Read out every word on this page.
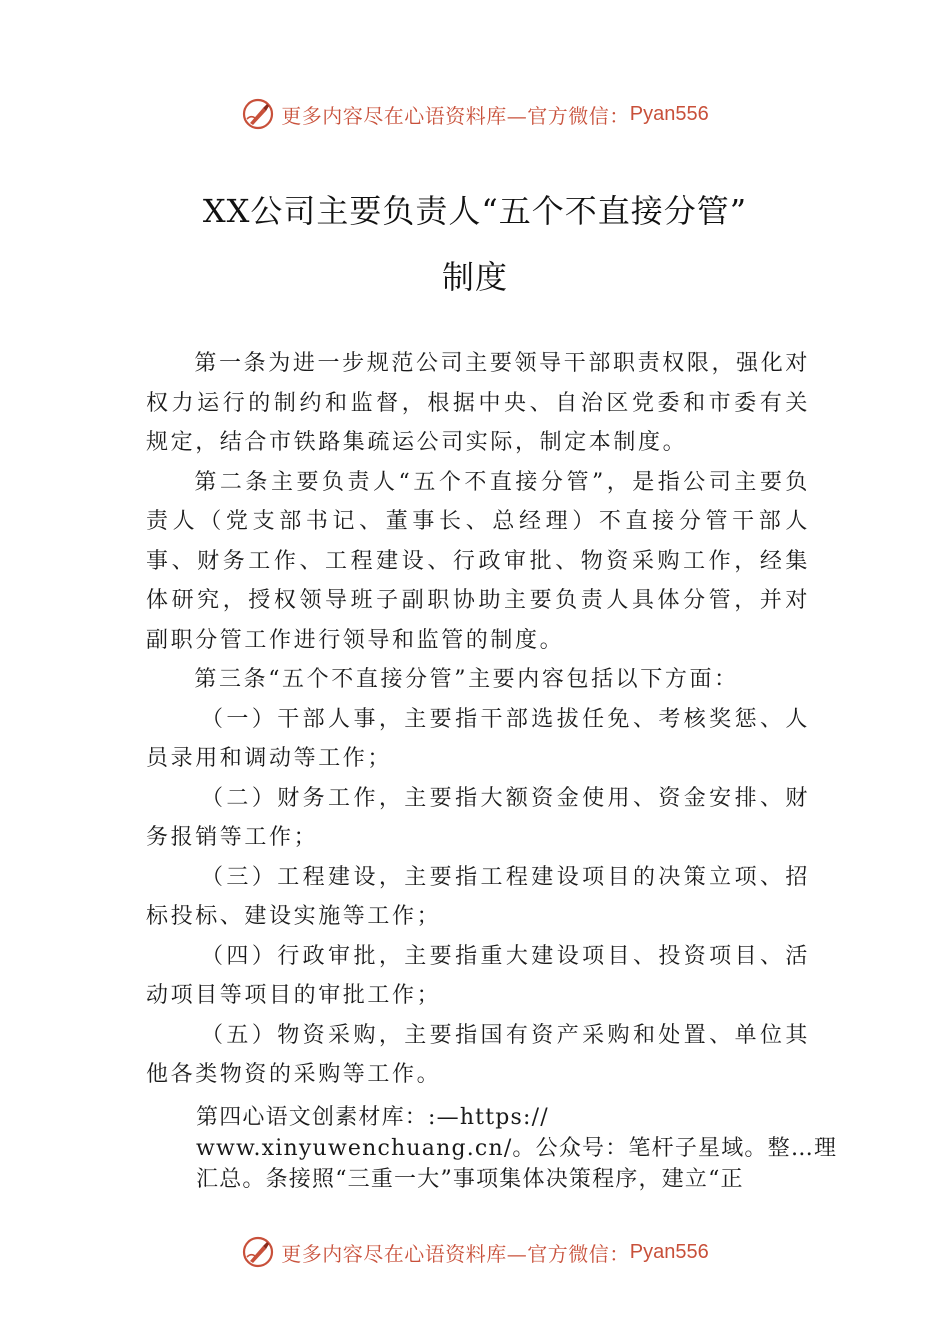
更多内容尽在心语资料库—官方微信： Pyan556
XX公司主要负责人“五个不直接分管”
制度

第一条为进一步规范公司主要领导干部职责权限，强化对权力运行的制约和监督，根据中央、自治区党委和市委有关规定，结合市铁路集疏运公司实际，制定本制度。

第二条主要负责人“五个不直接分管”，是指公司主要负责人（党支部书记、董事长、总经理）不直接分管干部人事、财务工作、工程建设、行政审批、物资采购工作，经集体研究，授权领导班子副职协助主要负责人具体分管，并对副职分管工作进行领导和监管的制度。

第三条“五个不直接分管”主要内容包括以下方面：

（一）干部人事，主要指干部选拔任免、考核奖惩、人员录用和调动等工作；

（二）财务工作，主要指大额资金使用、资金安排、财务报销等工作；

（三）工程建设，主要指工程建设项目的决策立项、招标投标、建设实施等工作；

（四）行政审批，主要指重大建设项目、投资项目、活动项目等项目的审批工作；

（五）物资采购，主要指国有资产采购和处置、单位其他各类物资的采购等工作。

第四心语文创素材库：:—https://
www.xinyuwenchuang.cn/。公众号：笔杆子星域。整…理
汇总。条接照“三重一大”事项集体决策程序，建立“正
更多内容尽在心语资料库—官方微信： Pyan556
